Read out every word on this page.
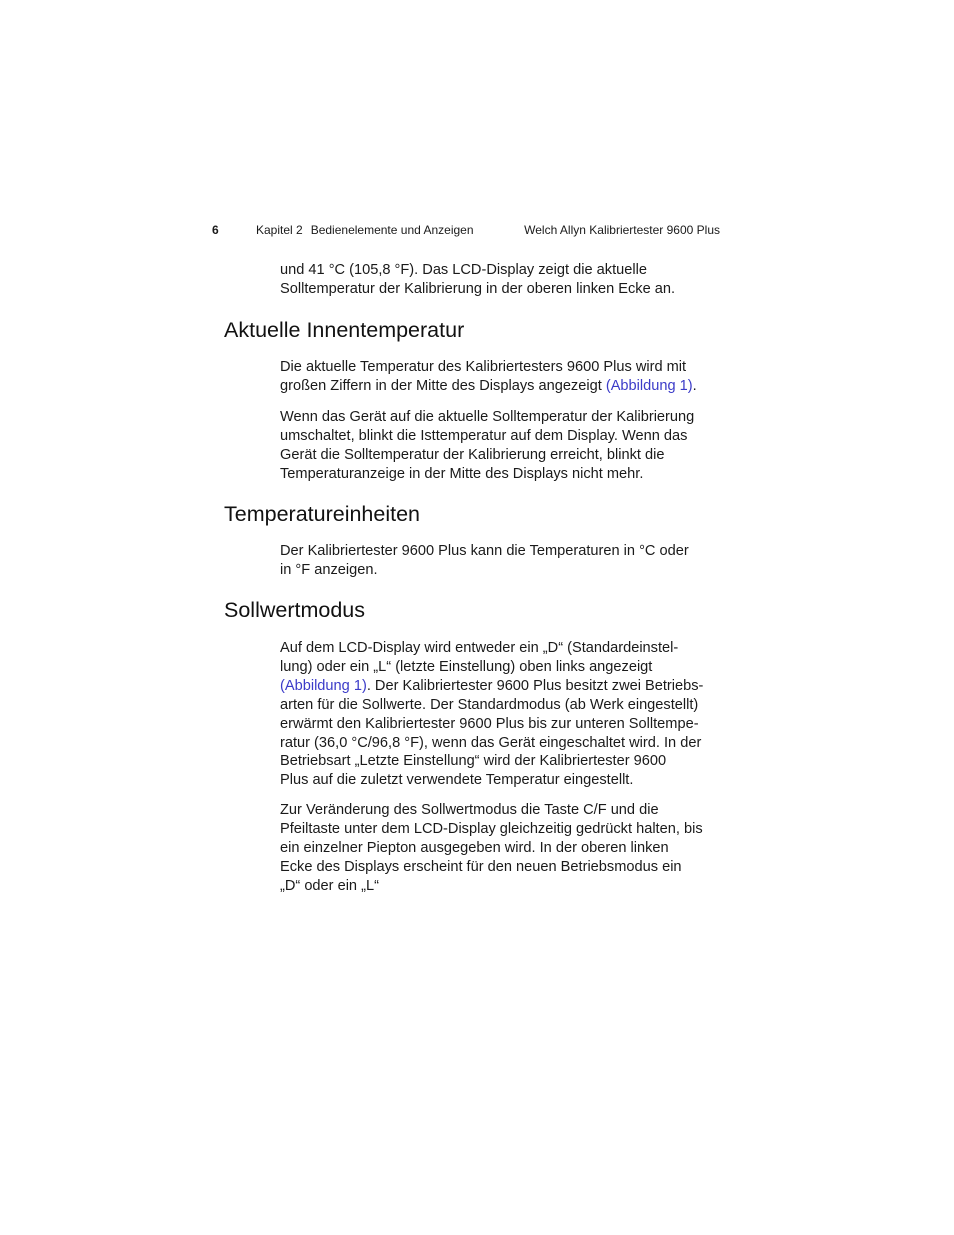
6	Kapitel 2 Bedienelemente und Anzeigen	Welch Allyn Kalibriertester 9600 Plus

und 41 °C (105,8 °F). Das LCD-Display zeigt die aktuelle
Solltemperatur der Kalibrierung in der oberen linken Ecke an.

Aktuelle Innentemperatur

Die aktuelle Temperatur des Kalibriertesters 9600 Plus wird mit
großen Ziffern in der Mitte des Displays angezeigt (Abbildung 1).

Wenn das Gerät auf die aktuelle Solltemperatur der Kalibrierung
umschaltet, blinkt die Isttemperatur auf dem Display. Wenn das
Gerät die Solltemperatur der Kalibrierung erreicht, blinkt die
Temperaturanzeige in der Mitte des Displays nicht mehr.

Temperatureinheiten

Der Kalibriertester 9600 Plus kann die Temperaturen in °C oder
in °F anzeigen.

Sollwertmodus

Auf dem LCD-Display wird entweder ein „D“ (Standardeinstel-
lung) oder ein „L“ (letzte Einstellung) oben links angezeigt
(Abbildung 1). Der Kalibriertester 9600 Plus besitzt zwei Betriebs-
arten für die Sollwerte. Der Standardmodus (ab Werk eingestellt)
erwärmt den Kalibriertester 9600 Plus bis zur unteren Solltempe-
ratur (36,0 °C/96,8 °F), wenn das Gerät eingeschaltet wird. In der
Betriebsart „Letzte Einstellung“ wird der Kalibriertester 9600
Plus auf die zuletzt verwendete Temperatur eingestellt.

Zur Veränderung des Sollwertmodus die Taste C/F und die
Pfeiltaste unter dem LCD-Display gleichzeitig gedrückt halten, bis
ein einzelner Piepton ausgegeben wird. In der oberen linken
Ecke des Displays erscheint für den neuen Betriebsmodus ein
„D“ oder ein „L“
